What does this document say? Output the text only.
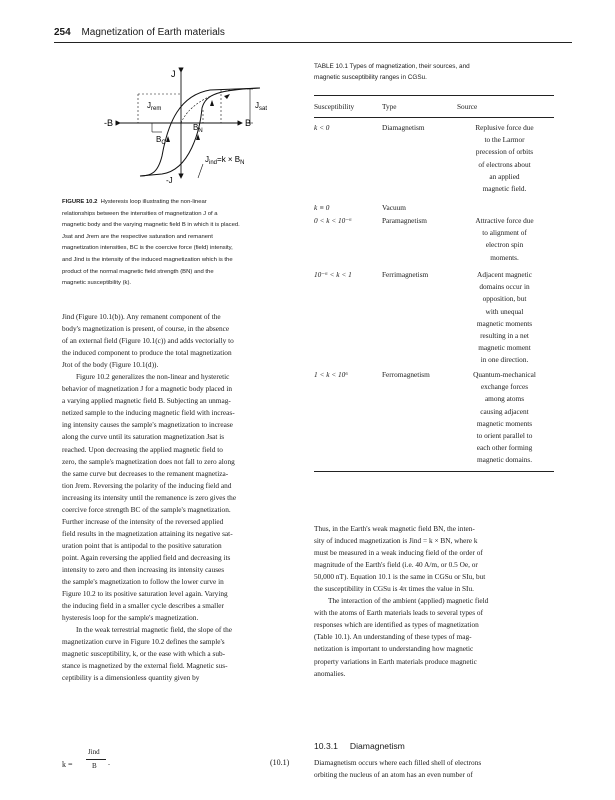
254 Magnetization of Earth materials
J
-J
B
-B
$J_{rem}$	$J_{sat}$
$B_N$
$B_C$
$J_{ind}=k \times B_N$
FIGURE 10.2 Hysteresis loop illustrating the non-linear
relationships between the intensities of magnetization J of a
magnetic body and the varying magnetic field B in which it is placed.
Jsat and Jrem are the respective saturation and remanent
magnetization intensities, BC is the coercive force (field) intensity,
and Jind is the intensity of the induced magnetization which is the
product of the normal magnetic field strength (BN) and the
magnetic susceptibility (k).

Jind (Figure 10.1(b)). Any remanent component of the
body's magnetization is present, of course, in the absence
of an external field (Figure 10.1(c)) and adds vectorially to
the induced component to produce the total magnetization
Jtot of the body (Figure 10.1(d)).

Figure 10.2 generalizes the non-linear and hysteretic
behavior of magnetization J for a magnetic body placed in
a varying applied magnetic field B. Subjecting an unmag-
netized sample to the inducing magnetic field with increas-
ing intensity causes the sample's magnetization to increase
along the curve until its saturation magnetization Jsat is
reached. Upon decreasing the applied magnetic field to
zero, the sample's magnetization does not fall to zero along
the same curve but decreases to the remanent magnetiza-
tion Jrem. Reversing the polarity of the inducing field and
increasing its intensity until the remanence is zero gives the
coercive force strength BC of the sample's magnetization.
Further increase of the intensity of the reversed applied
field results in the magnetization attaining its negative sat-
uration point that is antipodal to the positive saturation
point. Again reversing the applied field and decreasing its
intensity to zero and then increasing its intensity causes
the sample's magnetization to follow the lower curve in
Figure 10.2 to its positive saturation level again. Varying
the inducing field in a smaller cycle describes a smaller
hysteresis loop for the sample's magnetization.

In the weak terrestrial magnetic field, the slope of the
magnetization curve in Figure 10.2 defines the sample's
magnetic susceptibility, k, or the ease with which a sub-
stance is magnetized by the external field. Magnetic sus-
ceptibility is a dimensionless quantity given by

k =
Jind
B .	(10.1)
TABLE 10.1 Types of magnetization, their sources, and
magnetic susceptibility ranges in CGSu.
Susceptibility	Type	Source
k < 0	Diamagnetism	Replusive force due
to the Larmor
precession of orbits
of electrons about
an applied
magnetic field.
k ≡ 0	Vacuum
0 < k < 10⁻⁶	Paramagnetism	Attractive force due
to alignment of
electron spin
moments.
10⁻⁶ < k < 1	Ferrimagnetism	Adjacent magnetic
domains occur in
opposition, but
with unequal
magnetic moments
resulting in a net
magnetic moment
in one direction.
1 < k < 10⁶	Ferromagnetism	Quantum-mechanical
exchange forces
among atoms
causing adjacent
magnetic moments
to orient parallel to
each other forming
magnetic domains.

Thus, in the Earth's weak magnetic field BN, the inten-
sity of induced magnetization is Jind = k × BN, where k
must be measured in a weak inducing field of the order of
magnitude of the Earth's field (i.e. 40 A/m, or 0.5 Oe, or
50,000 nT). Equation 10.1 is the same in CGSu or SIu, but
the susceptibility in CGSu is 4π times the value in SIu.

The interaction of the ambient (applied) magnetic field
with the atoms of Earth materials leads to several types of
responses which are identified as types of magnetization
(Table 10.1). An understanding of these types of mag-
netization is important to understanding how magnetic
property variations in Earth materials produce magnetic
anomalies.

10.3.1 Diamagnetism
Diamagnetism occurs where each filled shell of electrons
orbiting the nucleus of an atom has an even number of
